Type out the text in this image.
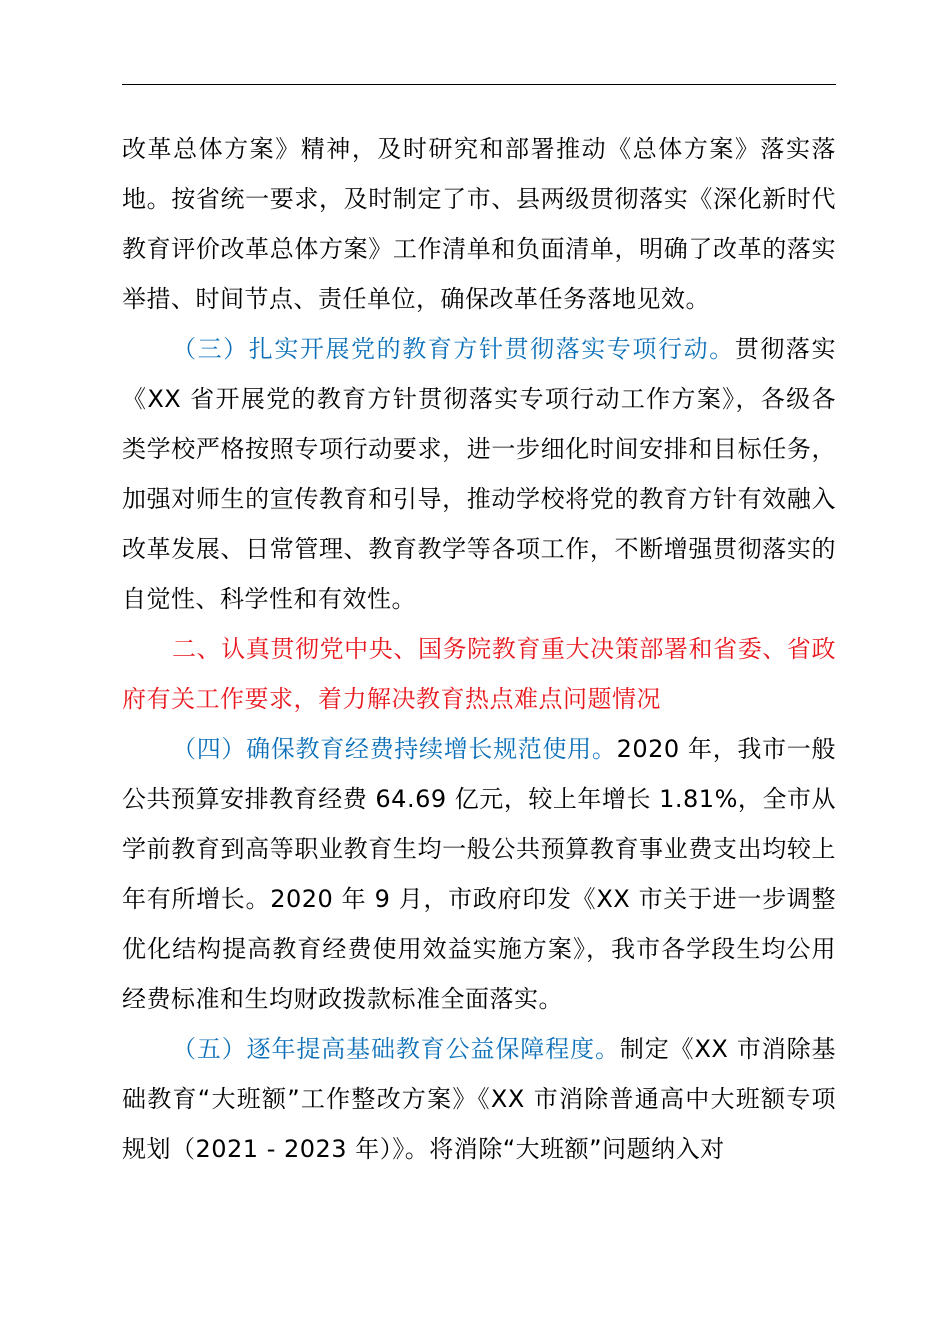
改革总体方案》精神，及时研究和部署推动《总体方案》落实落地。按省统一要求，及时制定了市、县两级贯彻落实《深化新时代教育评价改革总体方案》工作清单和负面清单，明确了改革的落实举措、时间节点、责任单位，确保改革任务落地见效。

（三）扎实开展党的教育方针贯彻落实专项行动。贯彻落实《XX 省开展党的教育方针贯彻落实专项行动工作方案》，各级各类学校严格按照专项行动要求，进一步细化时间安排和目标任务，加强对师生的宣传教育和引导，推动学校将党的教育方针有效融入改革发展、日常管理、教育教学等各项工作，不断增强贯彻落实的自觉性、科学性和有效性。

二、认真贯彻党中央、国务院教育重大决策部署和省委、省政府有关工作要求，着力解决教育热点难点问题情况

（四）确保教育经费持续增长规范使用。2020 年，我市一般公共预算安排教育经费 64.69 亿元，较上年增长 1.81%，全市从学前教育到高等职业教育生均一般公共预算教育事业费支出均较上年有所增长。2020 年 9 月，市政府印发《XX 市关于进一步调整优化结构提高教育经费使用效益实施方案》，我市各学段生均公用经费标准和生均财政拨款标准全面落实。

（五）逐年提高基础教育公益保障程度。制定《XX 市消除基础教育“大班额”工作整改方案》《XX 市消除普通高中大班额专项规划（2021 - 2023 年）》。将消除“大班额”问题纳入对
